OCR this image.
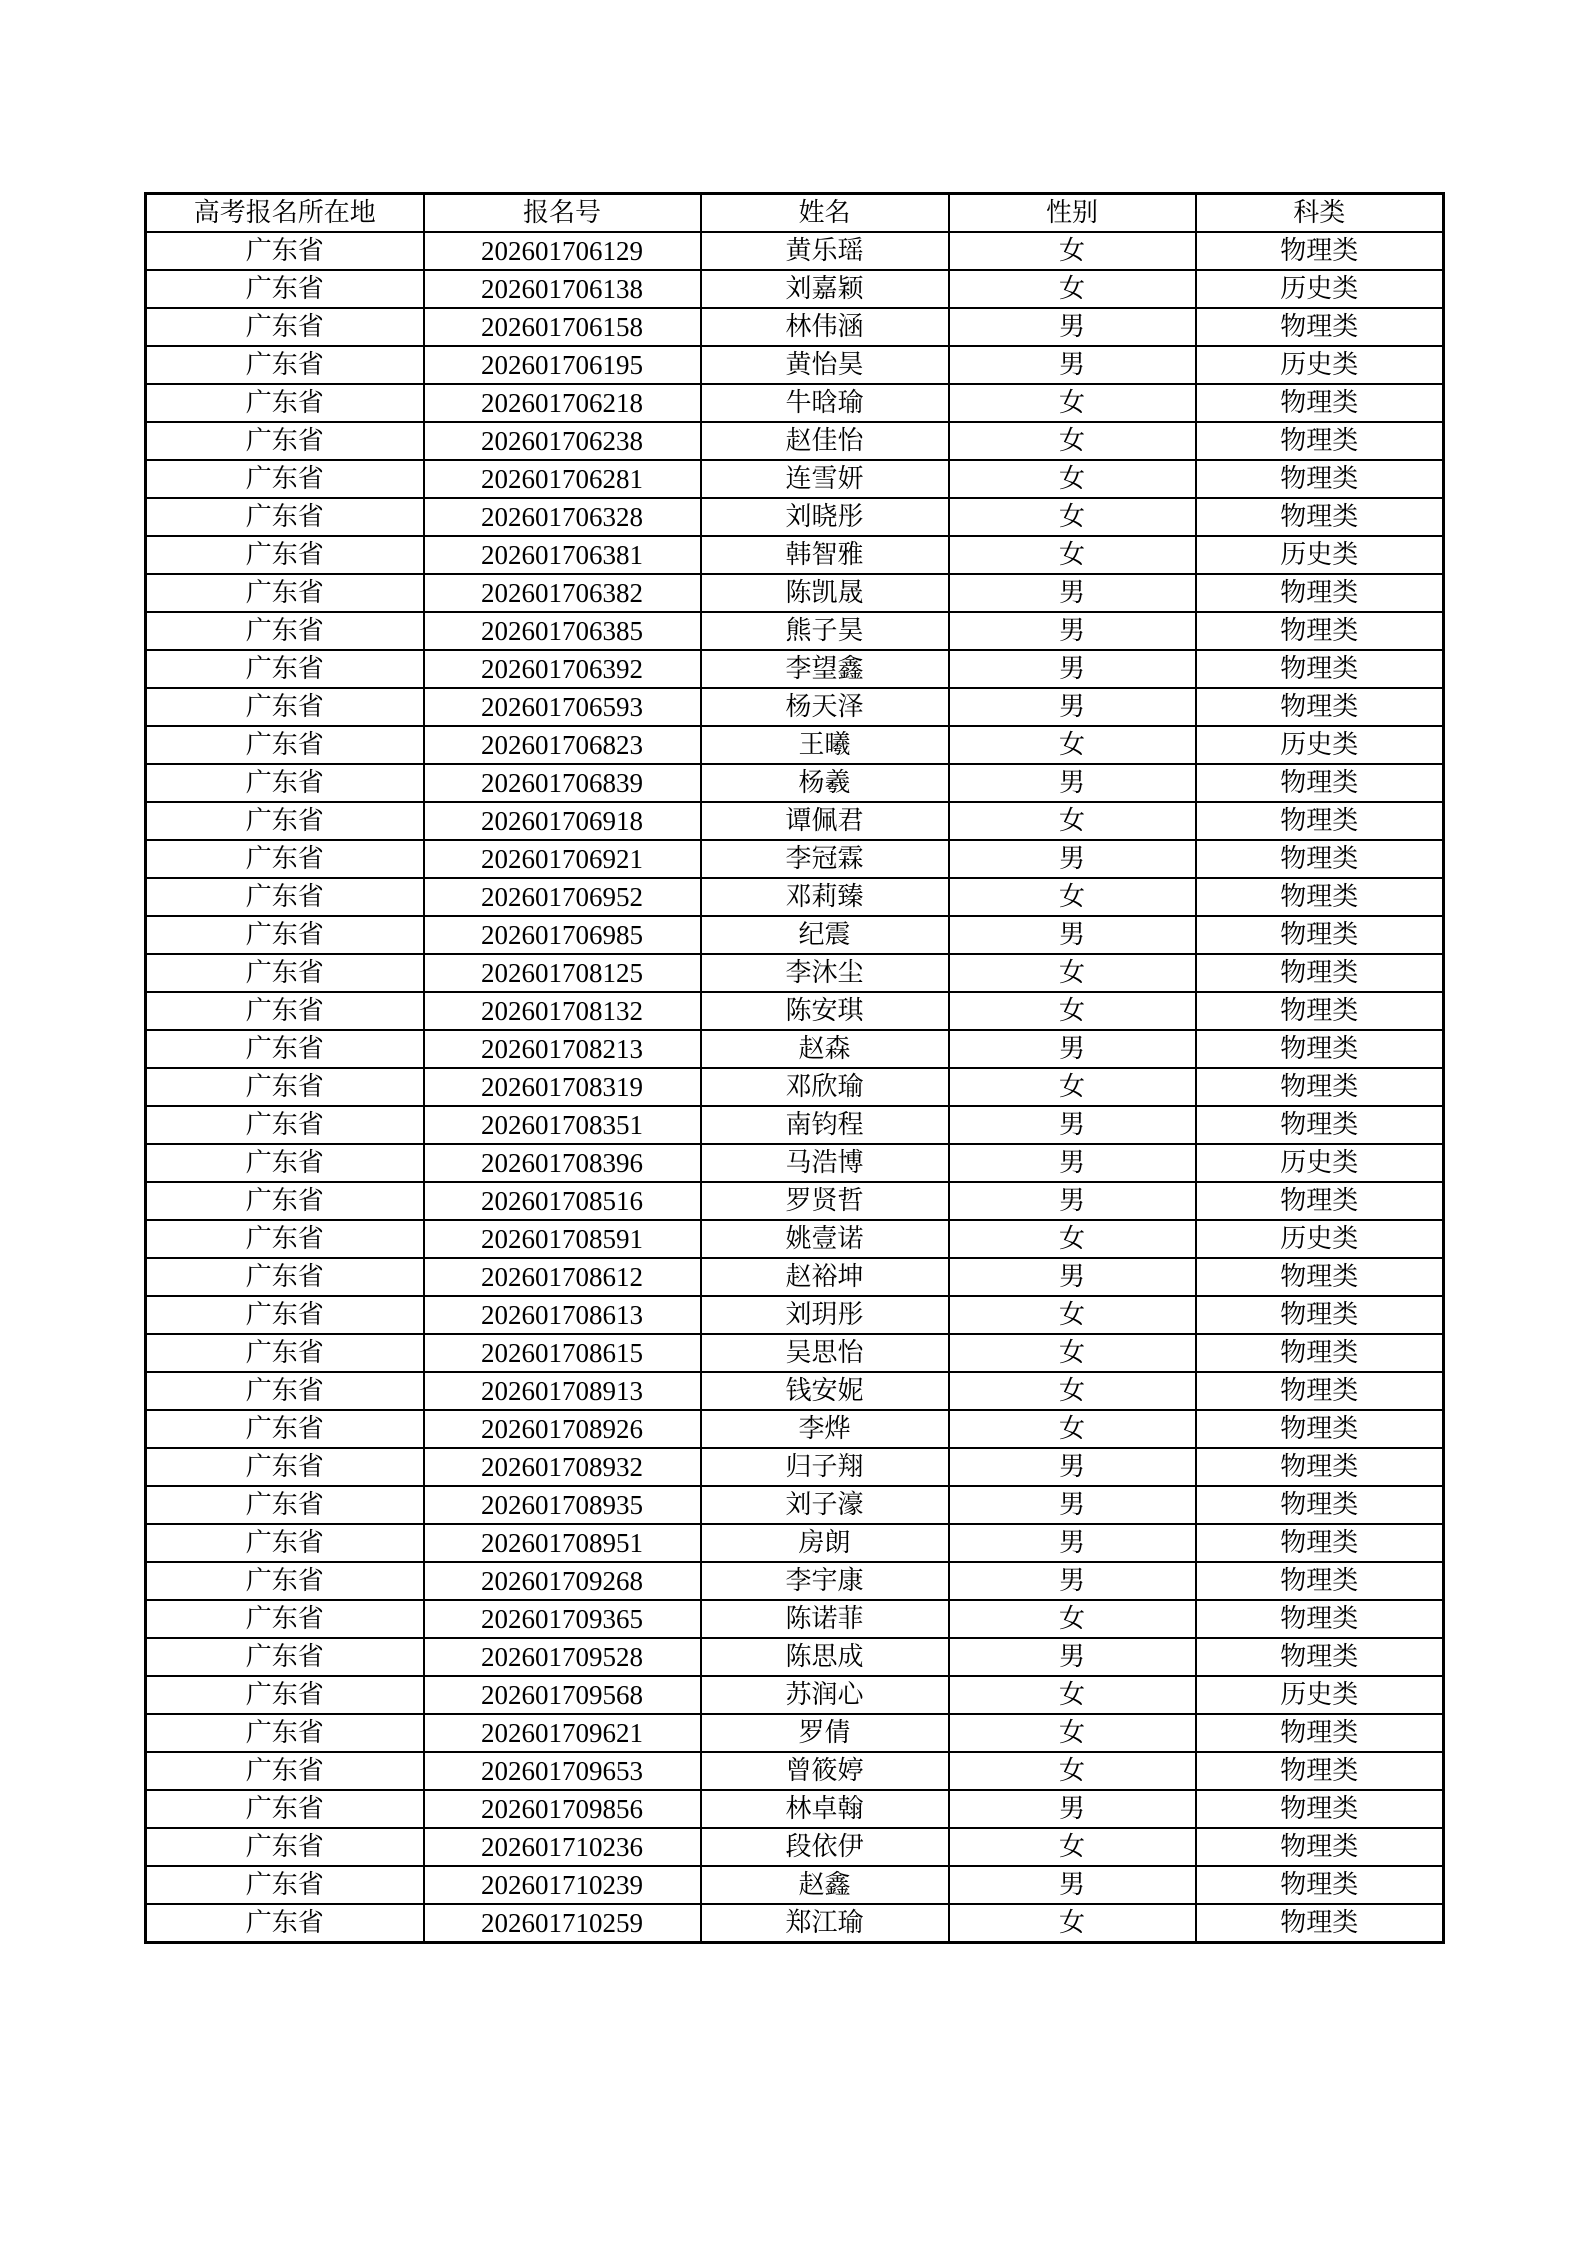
高考报名所在地	报名号	姓名	性别	科类
广东省	202601706129	黄乐瑶	女	物理类
广东省	202601706138	刘嘉颖	女	历史类
广东省	202601706158	林伟涵	男	物理类
广东省	202601706195	黄怡昊	男	历史类
广东省	202601706218	牛晗瑜	女	物理类
广东省	202601706238	赵佳怡	女	物理类
广东省	202601706281	连雪妍	女	物理类
广东省	202601706328	刘晓彤	女	物理类
广东省	202601706381	韩智雅	女	历史类
广东省	202601706382	陈凯晟	男	物理类
广东省	202601706385	熊子昊	男	物理类
广东省	202601706392	李望鑫	男	物理类
广东省	202601706593	杨天泽	男	物理类
广东省	202601706823	王曦	女	历史类
广东省	202601706839	杨羲	男	物理类
广东省	202601706918	谭佩君	女	物理类
广东省	202601706921	李冠霖	男	物理类
广东省	202601706952	邓莉臻	女	物理类
广东省	202601706985	纪震	男	物理类
广东省	202601708125	李沐尘	女	物理类
广东省	202601708132	陈安琪	女	物理类
广东省	202601708213	赵森	男	物理类
广东省	202601708319	邓欣瑜	女	物理类
广东省	202601708351	南钧程	男	物理类
广东省	202601708396	马浩博	男	历史类
广东省	202601708516	罗贤哲	男	物理类
广东省	202601708591	姚壹诺	女	历史类
广东省	202601708612	赵裕坤	男	物理类
广东省	202601708613	刘玥彤	女	物理类
广东省	202601708615	吴思怡	女	物理类
广东省	202601708913	钱安妮	女	物理类
广东省	202601708926	李烨	女	物理类
广东省	202601708932	归子翔	男	物理类
广东省	202601708935	刘子濠	男	物理类
广东省	202601708951	房朗	男	物理类
广东省	202601709268	李宇康	男	物理类
广东省	202601709365	陈诺菲	女	物理类
广东省	202601709528	陈思成	男	物理类
广东省	202601709568	苏润心	女	历史类
广东省	202601709621	罗倩	女	物理类
广东省	202601709653	曾筱婷	女	物理类
广东省	202601709856	林卓翰	男	物理类
广东省	202601710236	段依伊	女	物理类
广东省	202601710239	赵鑫	男	物理类
广东省	202601710259	郑江瑜	女	物理类
